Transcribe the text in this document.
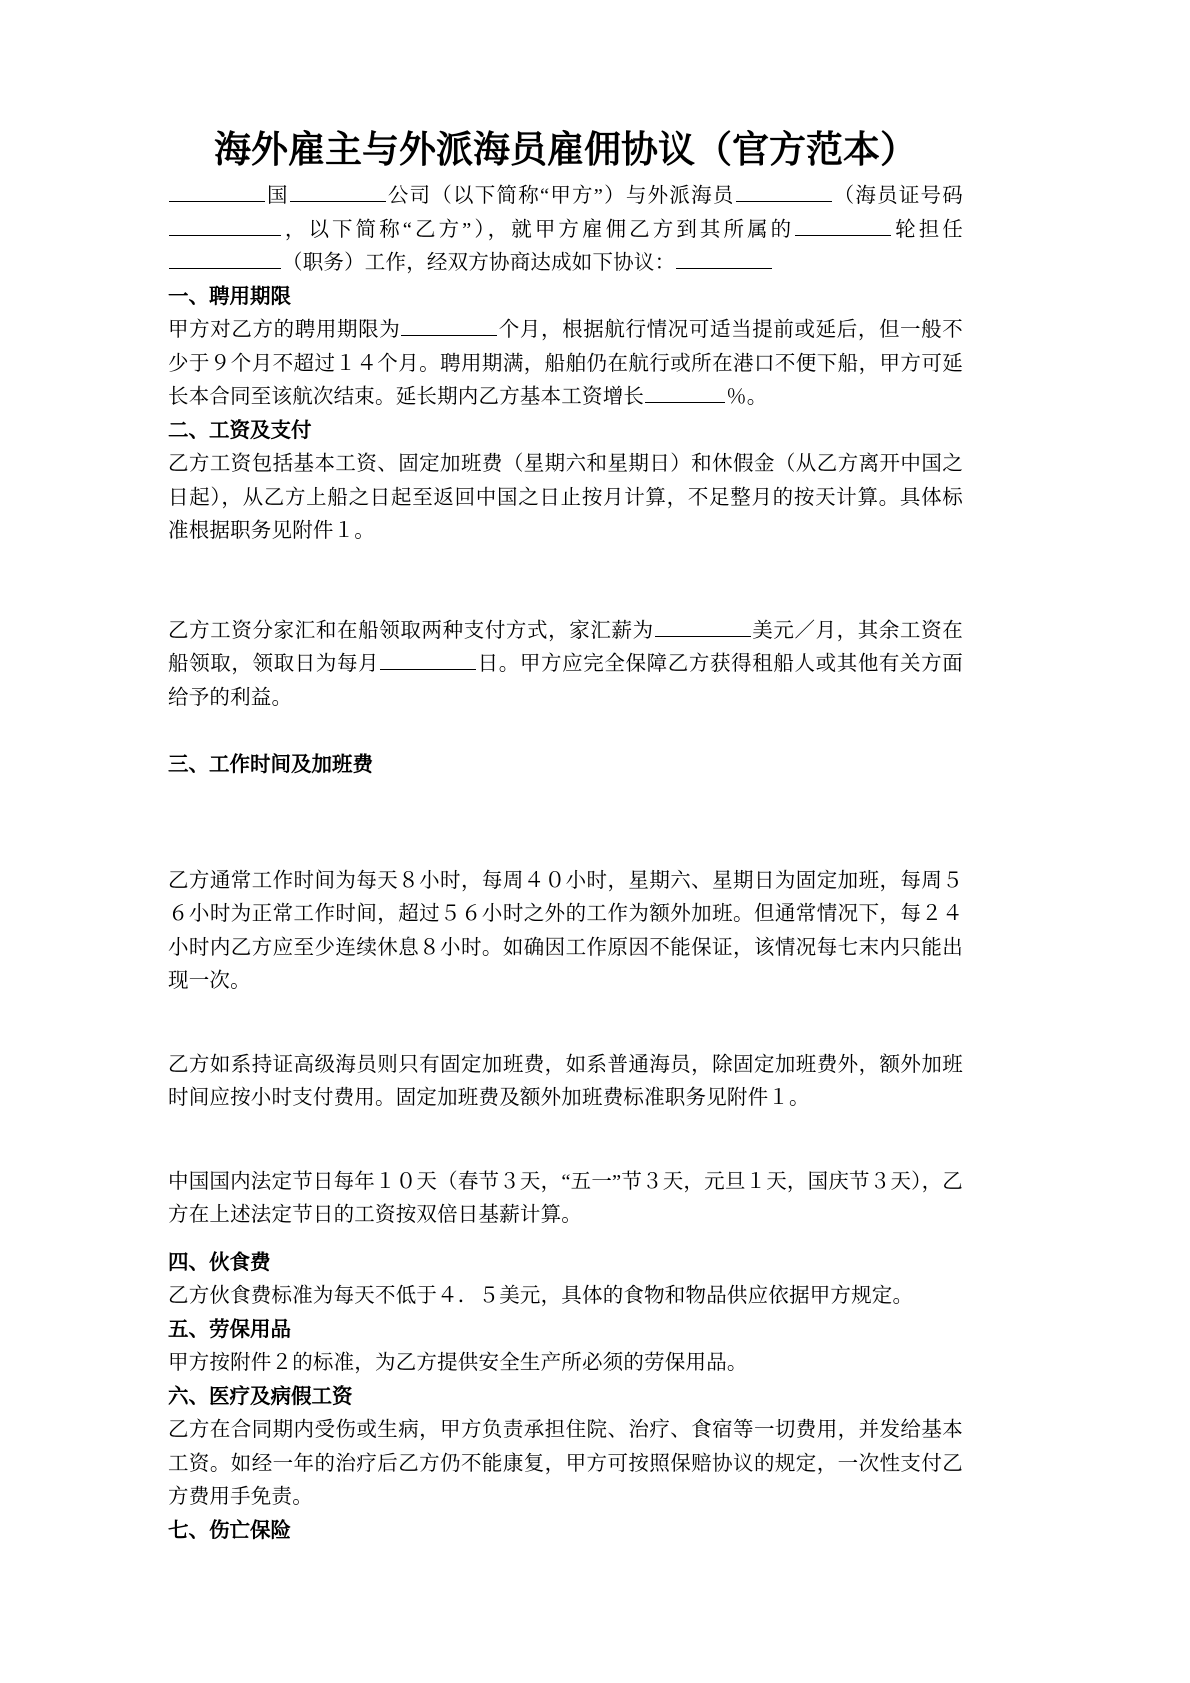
海外雇主与外派海员雇佣协议（官方范本）

国	公司（以下简称“甲方”）与外派海员	（海员证号码，以下简称“乙方”），就甲方雇佣乙方到其所属的	轮担任（职务）工作，经双方协商达成如下协议：

一、聘用期限

甲方对乙方的聘用期限为	个月，根据航行情况可适当提前或延后，但一般不少于９个月不超过１４个月。聘用期满，船舶仍在航行或所在港口不便下船，甲方可延长本合同至该航次结束。延长期内乙方基本工资增长	％。

二、工资及支付

乙方工资包括基本工资、固定加班费（星期六和星期日）和休假金（从乙方离开中国之日起），从乙方上船之日起至返回中国之日止按月计算，不足整月的按天计算。具体标准根据职务见附件１。

乙方工资分家汇和在船领取两种支付方式，家汇薪为	美元／月，其余工资在船领取，领取日为每月	日。甲方应完全保障乙方获得租船人或其他有关方面给予的利益。

三、工作时间及加班费

乙方通常工作时间为每天８小时，每周４０小时，星期六、星期日为固定加班，每周５６小时为正常工作时间，超过５６小时之外的工作为额外加班。但通常情况下，每２４小时内乙方应至少连续休息８小时。如确因工作原因不能保证，该情况每七末内只能出现一次。

乙方如系持证高级海员则只有固定加班费，如系普通海员，除固定加班费外，额外加班时间应按小时支付费用。固定加班费及额外加班费标准职务见附件１。

中国国内法定节日每年１０天（春节３天，“五一”节３天，元旦１天，国庆节３天），乙方在上述法定节日的工资按双倍日基薪计算。

四、伙食费

乙方伙食费标准为每天不低于４．５美元，具体的食物和物品供应依据甲方规定。

五、劳保用品

甲方按附件２的标准，为乙方提供安全生产所必须的劳保用品。

六、医疗及病假工资

乙方在合同期内受伤或生病，甲方负责承担住院、治疗、食宿等一切费用，并发给基本工资。如经一年的治疗后乙方仍不能康复，甲方可按照保赔协议的规定，一次性支付乙方费用手免责。

七、伤亡保险
